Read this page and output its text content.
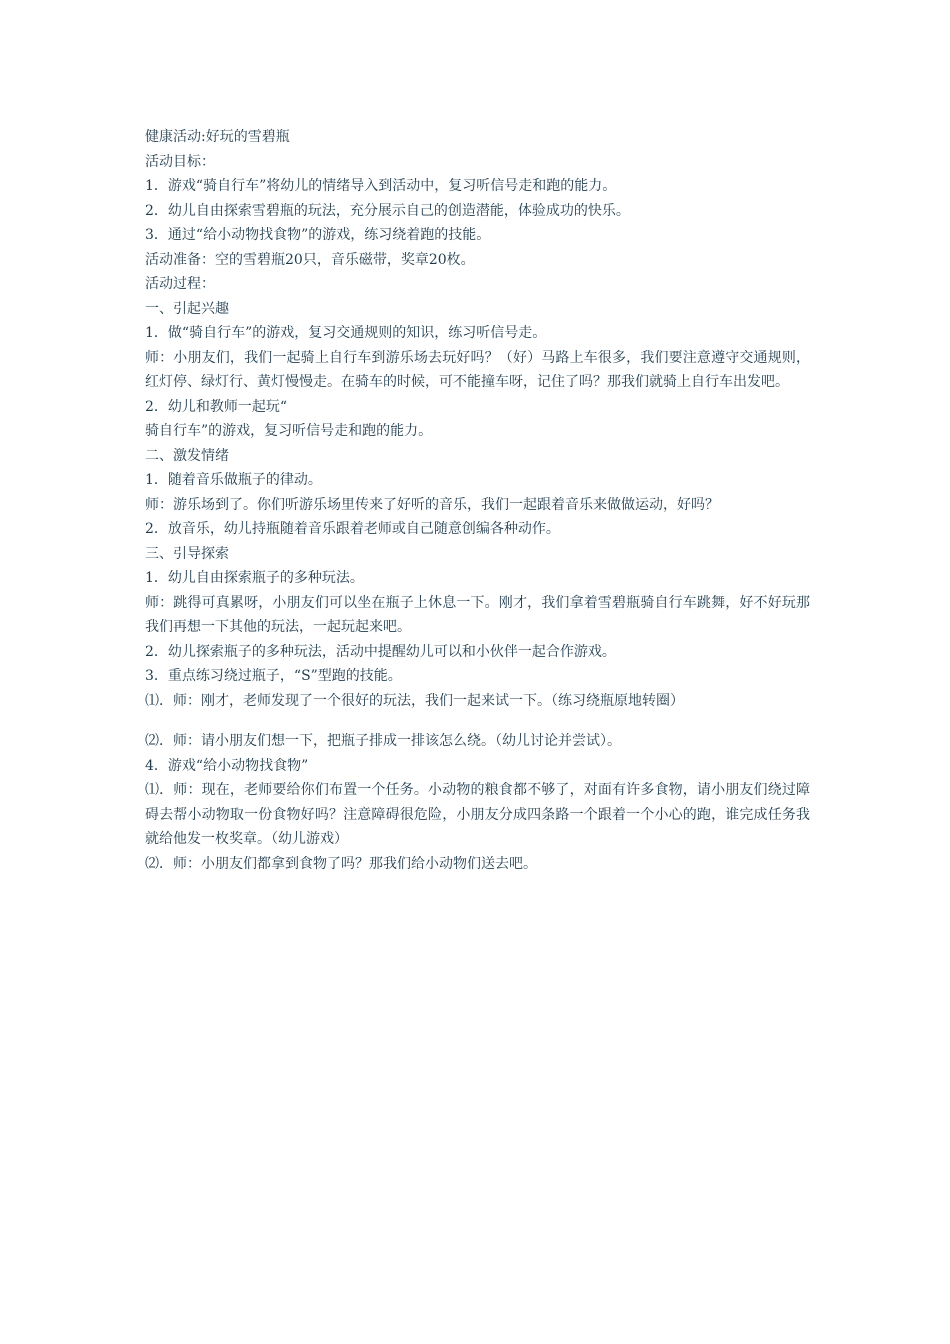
健康活动:好玩的雪碧瓶

活动目标：

1．游戏“骑自行车”将幼儿的情绪导入到活动中，复习听信号走和跑的能力。

2．幼儿自由探索雪碧瓶的玩法，充分展示自己的创造潜能，体验成功的快乐。

3．通过“给小动物找食物”的游戏，练习绕着跑的技能。

活动准备：空的雪碧瓶20只，音乐磁带，奖章20枚。

活动过程：

一、引起兴趣

1．做“骑自行车”的游戏，复习交通规则的知识，练习听信号走。

师：小朋友们，我们一起骑上自行车到游乐场去玩好吗？（好）马路上车很多，我们要注意遵守交通规则，红灯停、绿灯行、黄灯慢慢走。在骑车的时候，可不能撞车呀，记住了吗？那我们就骑上自行车出发吧。

2．幼儿和教师一起玩“

骑自行车”的游戏，复习听信号走和跑的能力。

二、激发情绪

1．随着音乐做瓶子的律动。

师：游乐场到了。你们听游乐场里传来了好听的音乐，我们一起跟着音乐来做做运动，好吗？

2．放音乐，幼儿持瓶随着音乐跟着老师或自己随意创编各种动作。

三、引导探索

1．幼儿自由探索瓶子的多种玩法。

师：跳得可真累呀，小朋友们可以坐在瓶子上休息一下。刚才，我们拿着雪碧瓶骑自行车跳舞，好不好玩那我们再想一下其他的玩法，一起玩起来吧。

2．幼儿探索瓶子的多种玩法，活动中提醒幼儿可以和小伙伴一起合作游戏。

3．重点练习绕过瓶子，“S”型跑的技能。

⑴．师：刚才，老师发现了一个很好的玩法，我们一起来试一下。（练习绕瓶原地转圈）

⑵．师：请小朋友们想一下，把瓶子排成一排该怎么绕。（幼儿讨论并尝试）。

4．游戏“给小动物找食物”

⑴．师：现在，老师要给你们布置一个任务。小动物的粮食都不够了，对面有许多食物，请小朋友们绕过障碍去帮小动物取一份食物好吗？注意障碍很危险，小朋友分成四条路一个跟着一个小心的跑，谁完成任务我就给他发一枚奖章。（幼儿游戏）

⑵．师：小朋友们都拿到食物了吗？那我们给小动物们送去吧。
